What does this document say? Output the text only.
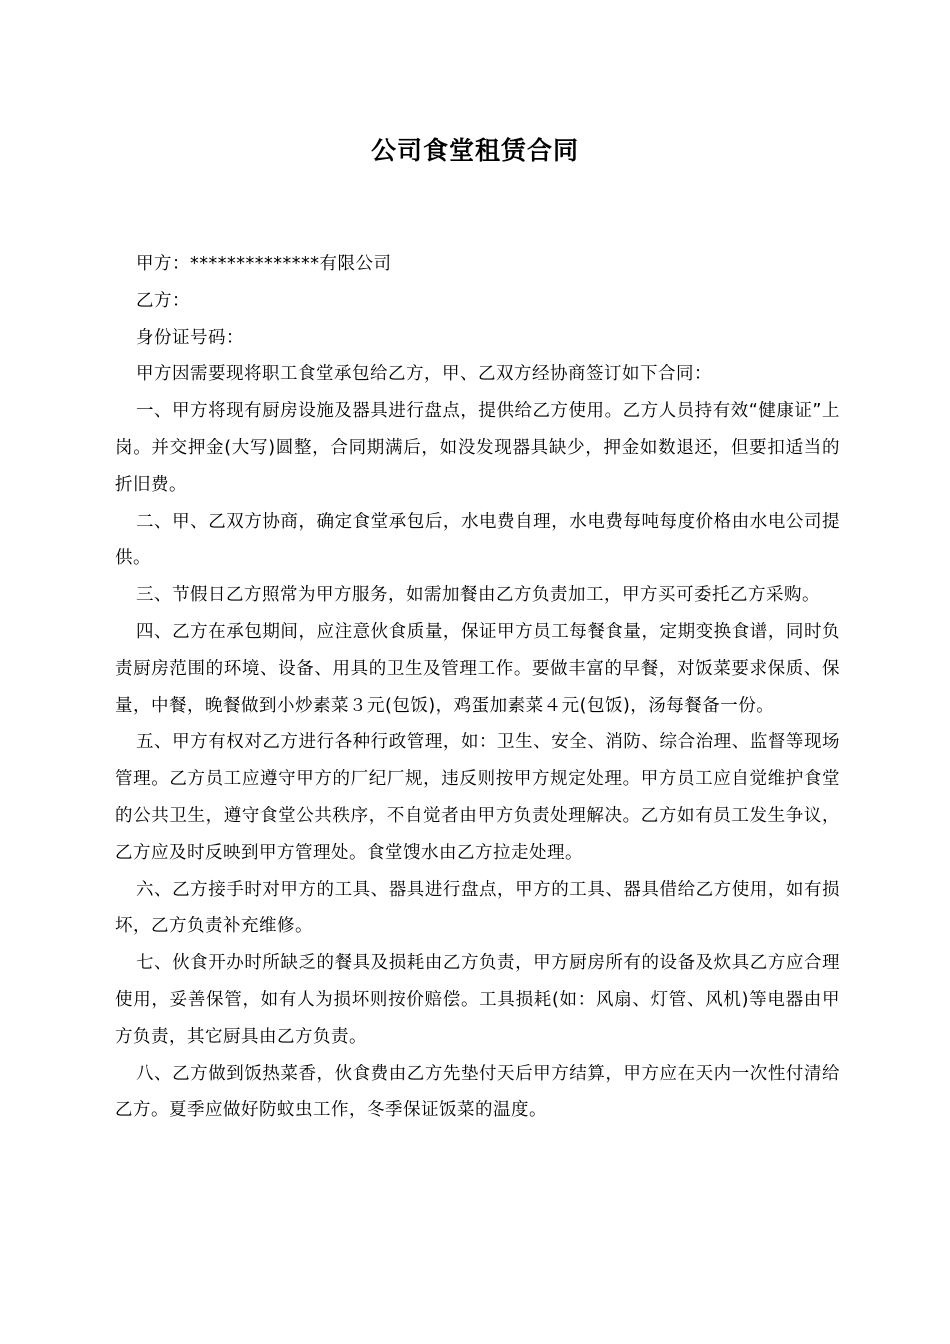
公司食堂租赁合同

甲方：**************有限公司

乙方：

身份证号码：

甲方因需要现将职工食堂承包给乙方，甲、乙双方经协商签订如下合同：

一、甲方将现有厨房设施及器具进行盘点，提供给乙方使用。乙方人员持有效“健康证”上岗。并交押金(大写)圆整，合同期满后，如没发现器具缺少，押金如数退还，但要扣适当的折旧费。

二、甲、乙双方协商，确定食堂承包后，水电费自理，水电费每吨每度价格由水电公司提供。

三、节假日乙方照常为甲方服务，如需加餐由乙方负责加工，甲方买可委托乙方采购。

四、乙方在承包期间，应注意伙食质量，保证甲方员工每餐食量，定期变换食谱，同时负责厨房范围的环境、设备、用具的卫生及管理工作。要做丰富的早餐，对饭菜要求保质、保量，中餐，晚餐做到小炒素菜３元(包饭)，鸡蛋加素菜４元(包饭)，汤每餐备一份。

五、甲方有权对乙方进行各种行政管理，如：卫生、安全、消防、综合治理、监督等现场管理。乙方员工应遵守甲方的厂纪厂规，违反则按甲方规定处理。甲方员工应自觉维护食堂的公共卫生，遵守食堂公共秩序，不自觉者由甲方负责处理解决。乙方如有员工发生争议，乙方应及时反映到甲方管理处。食堂馊水由乙方拉走处理。

六、乙方接手时对甲方的工具、器具进行盘点，甲方的工具、器具借给乙方使用，如有损坏，乙方负责补充维修。

七、伙食开办时所缺乏的餐具及损耗由乙方负责，甲方厨房所有的设备及炊具乙方应合理使用，妥善保管，如有人为损坏则按价赔偿。工具损耗(如：风扇、灯管、风机)等电器由甲方负责，其它厨具由乙方负责。

八、乙方做到饭热菜香，伙食费由乙方先垫付天后甲方结算，甲方应在天内一次性付清给乙方。夏季应做好防蚊虫工作，冬季保证饭菜的温度。
